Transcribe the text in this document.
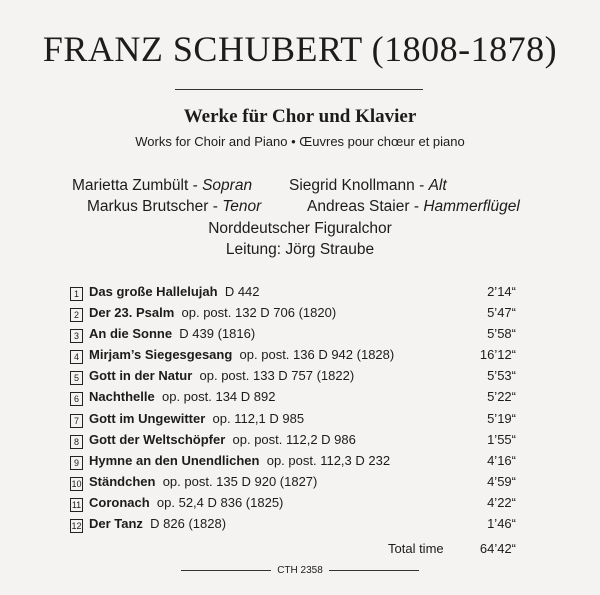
FRANZ SCHUBERT (1808-1878)
Werke für Chor und Klavier
Works for Choir and Piano • Œuvres pour chœur et piano
Marietta Zumbült - Sopran Siegrid Knollmann - Alt
Markus Brutscher - Tenor	Andreas Staier - Hammerflügel
Norddeutscher Figuralchor
Leitung: Jörg Straube
1 Das große Hallelujah D 442	2’14“
2 Der 23. Psalm op. post. 132 D 706 (1820)	5’47“
3 An die Sonne D 439 (1816)	5’58“
4 Mirjam’s Siegesgesang op. post. 136 D 942 (1828)	16’12“
5 Gott in der Natur op. post. 133 D 757 (1822)	5’53“
6 Nachthelle op. post. 134 D 892	5’22“
7 Gott im Ungewitter op. 112,1 D 985	5’19“
8 Gott der Weltschöpfer op. post. 112,2 D 986	1’55“
9 Hymne an den Unendlichen op. post. 112,3 D 232	4’16“
10 Ständchen op. post. 135 D 920 (1827)	4’59“
11 Coronach op. 52,4 D 836 (1825)	4’22“
12 Der Tanz D 826 (1828)	1’46“
Total time	64’42“
CTH 2358
